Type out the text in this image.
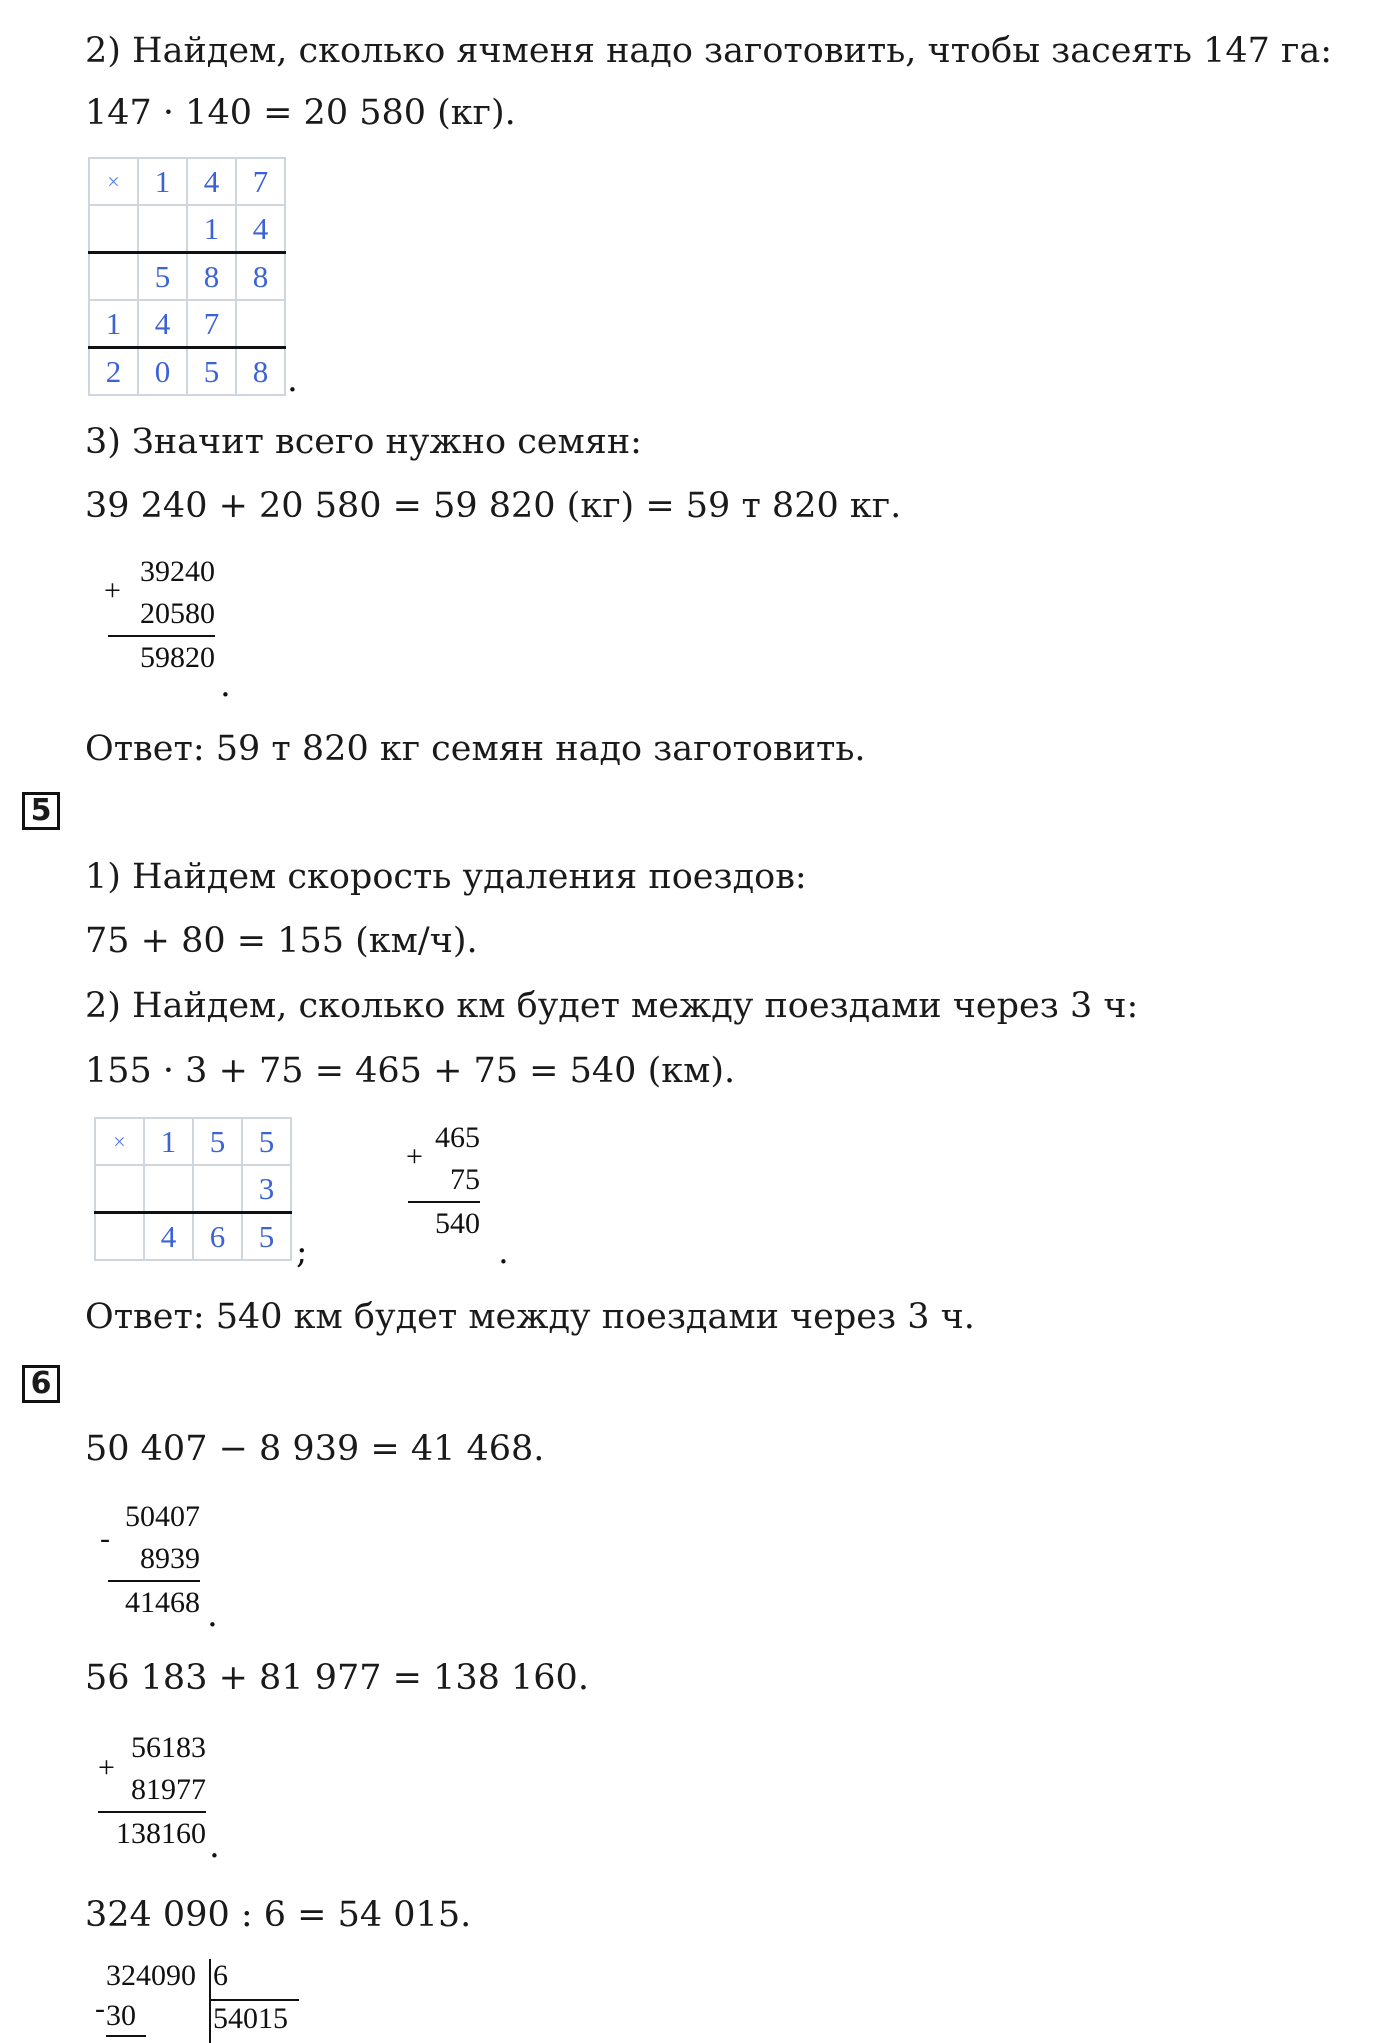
2) Найдем, сколько ячменя надо заготовить, чтобы засеять 147 га:
147 · 140 = 20 580 (кг).
×	1	4	7
		1	4
	5	8	8
1	4	7	
2	0	5	8 .
3) Значит всего нужно семян:
39 240 + 20 580 = 59 820 (кг) = 59 т 820 кг.
+
39240
20580
59820
.
Ответ: 59 т 820 кг семян надо заготовить.
5
1) Найдем скорость удаления поездов:
75 + 80 = 155 (км/ч).
2) Найдем, сколько км будет между поездами через 3 ч:
155 · 3 + 75 = 465 + 75 = 540 (км).
×	1	5	5
			3
	4	6	5 ;
+
465
75
540
.
Ответ: 540 км будет между поездами через 3 ч.
6
50 407 − 8 939 = 41 468.
-
50407
8939
41468 .
56 183 + 81 977 = 138 160.
+
56183
81977
138160 .
324 090 : 6 = 54 015.
-
324090
30
6
54015
